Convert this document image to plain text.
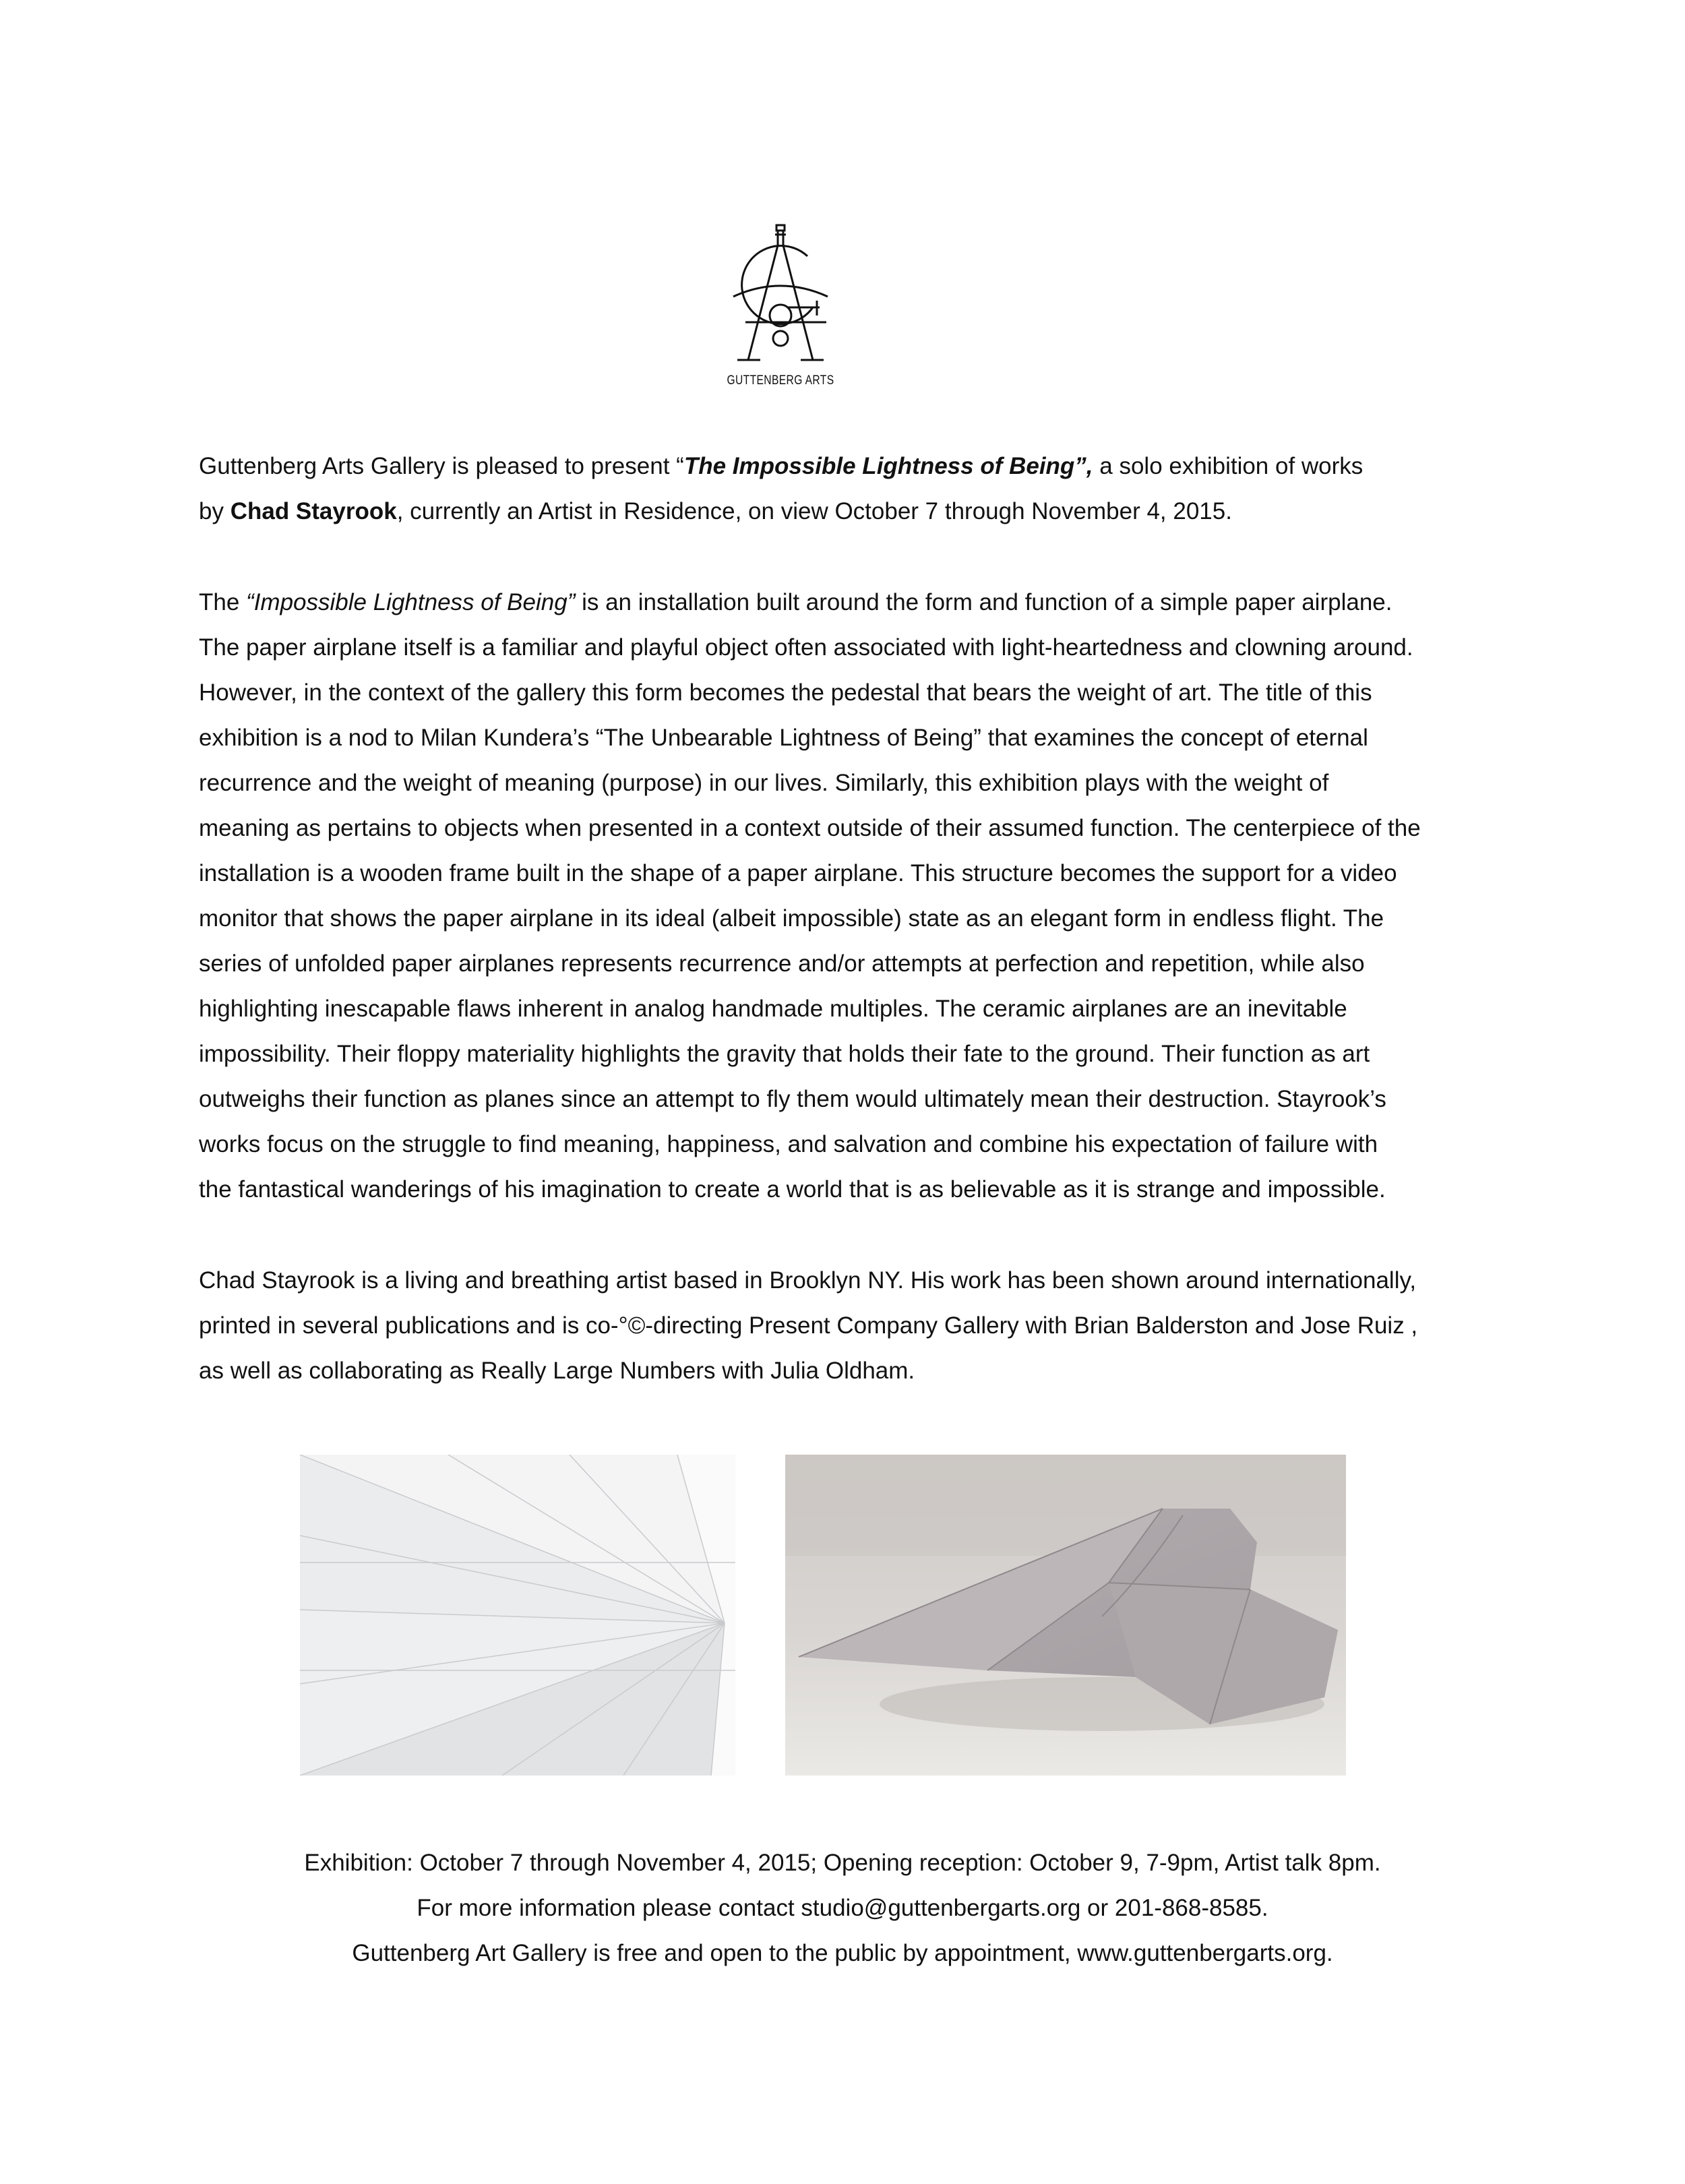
GUTTENBERG ARTS
Guttenberg Arts Gallery is pleased to present “The Impossible Lightness of Being”, a solo exhibition of works
by Chad Stayrook, currently an Artist in Residence, on view October 7 through November 4, 2015.
The “Impossible Lightness of Being” is an installation built around the form and function of a simple paper airplane.
The paper airplane itself is a familiar and playful object often associated with light-heartedness and clowning around.
However, in the context of the gallery this form becomes the pedestal that bears the weight of art. The title of this
exhibition is a nod to Milan Kundera’s “The Unbearable Lightness of Being” that examines the concept of eternal
recurrence and the weight of meaning (purpose) in our lives. Similarly, this exhibition plays with the weight of
meaning as pertains to objects when presented in a context outside of their assumed function. The centerpiece of the
installation is a wooden frame built in the shape of a paper airplane. This structure becomes the support for a video
monitor that shows the paper airplane in its ideal (albeit impossible) state as an elegant form in endless flight. The
series of unfolded paper airplanes represents recurrence and/or attempts at perfection and repetition, while also
highlighting inescapable flaws inherent in analog handmade multiples. The ceramic airplanes are an inevitable
impossibility. Their floppy materiality highlights the gravity that holds their fate to the ground. Their function as art
outweighs their function as planes since an attempt to fly them would ultimately mean their destruction. Stayrook’s
works focus on the struggle to find meaning, happiness, and salvation and combine his expectation of failure with
the fantastical wanderings of his imagination to create a world that is as believable as it is strange and impossible.
Chad Stayrook is a living and breathing artist based in Brooklyn NY. His work has been shown around internationally,
printed in several publications and is co-°©-directing Present Company Gallery with Brian Balderston and Jose Ruiz ,
as well as collaborating as Really Large Numbers with Julia Oldham.
Exhibition: October 7 through November 4, 2015; Opening reception: October 9, 7-9pm, Artist talk 8pm.
For more information please contact studio@guttenbergarts.org or 201-868-8585.
Guttenberg Art Gallery is free and open to the public by appointment, www.guttenbergarts.org.
